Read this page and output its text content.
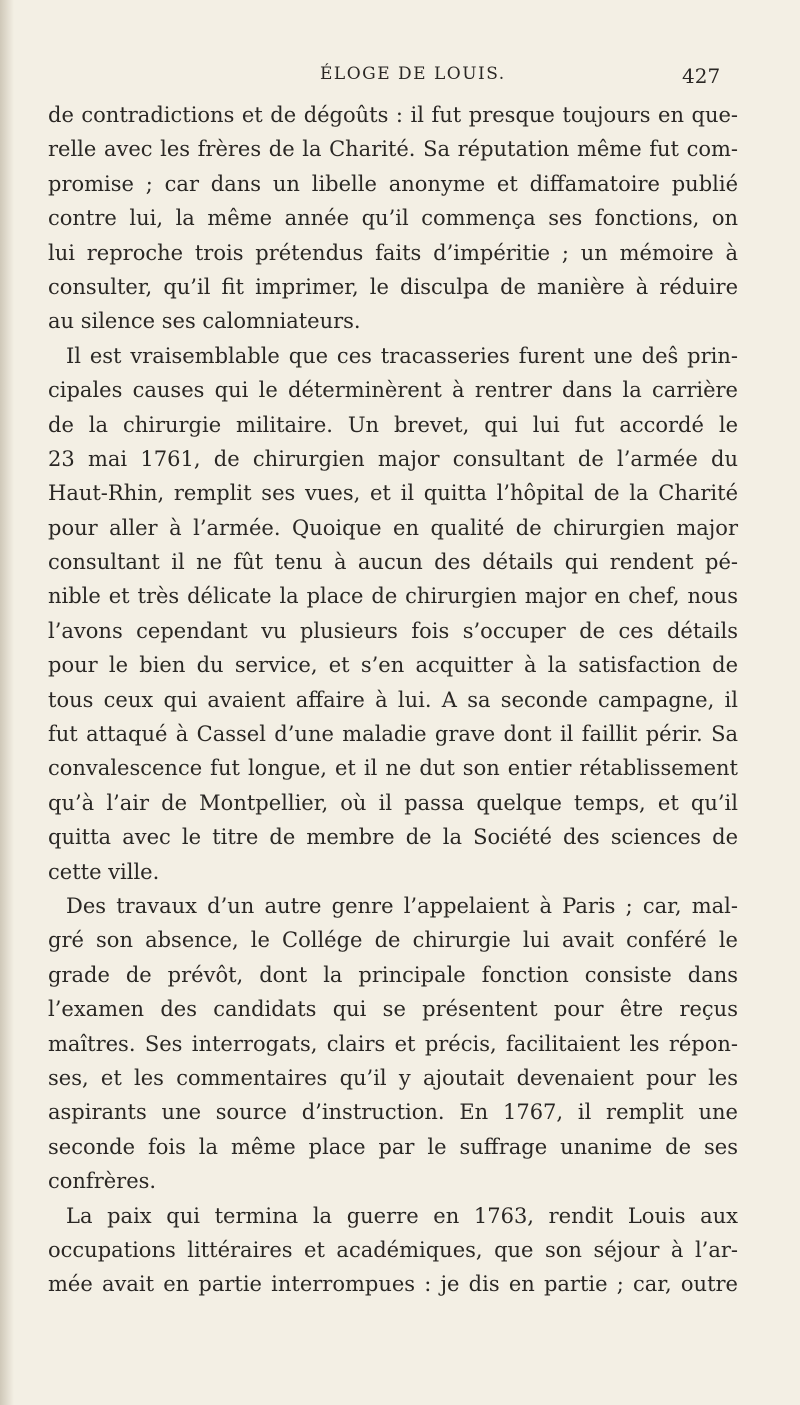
ÉLOGE DE LOUIS.	427
de contradictions et de dégoûts : il fut presque toujours en que-
relle avec les frères de la Charité. Sa réputation même fut com-
promise ; car dans un libelle anonyme et diffamatoire publié
contre lui, la même année qu’il commença ses fonctions, on
lui reproche trois prétendus faits d’impéritie ; un mémoire à
consulter, qu’il fit imprimer, le disculpa de manière à réduire
au silence ses calomniateurs.
Il est vraisemblable que ces tracasseries furent une deŝ prin-
cipales causes qui le déterminèrent à rentrer dans la carrière
de la chirurgie militaire. Un brevet, qui lui fut accordé le
23 mai 1761, de chirurgien major consultant de l’armée du
Haut-Rhin, remplit ses vues, et il quitta l’hôpital de la Charité
pour aller à l’armée. Quoique en qualité de chirurgien major
consultant il ne fût tenu à aucun des détails qui rendent pé-
nible et très délicate la place de chirurgien major en chef, nous
l’avons cependant vu plusieurs fois s’occuper de ces détails
pour le bien du service, et s’en acquitter à la satisfaction de
tous ceux qui avaient affaire à lui. A sa seconde campagne, il
fut attaqué à Cassel d’une maladie grave dont il faillit périr. Sa
convalescence fut longue, et il ne dut son entier rétablissement
qu’à l’air de Montpellier, où il passa quelque temps, et qu’il
quitta avec le titre de membre de la Société des sciences de
cette ville.
Des travaux d’un autre genre l’appelaient à Paris ; car, mal-
gré son absence, le Collége de chirurgie lui avait conféré le
grade de prévôt, dont la principale fonction consiste dans
l’examen des candidats qui se présentent pour être reçus
maîtres. Ses interrogats, clairs et précis, facilitaient les répon-
ses, et les commentaires qu’il y ajoutait devenaient pour les
aspirants une source d’instruction. En 1767, il remplit une
seconde fois la même place par le suffrage unanime de ses
confrères.
La paix qui termina la guerre en 1763, rendit Louis aux
occupations littéraires et académiques, que son séjour à l’ar-
mée avait en partie interrompues : je dis en partie ; car, outre
